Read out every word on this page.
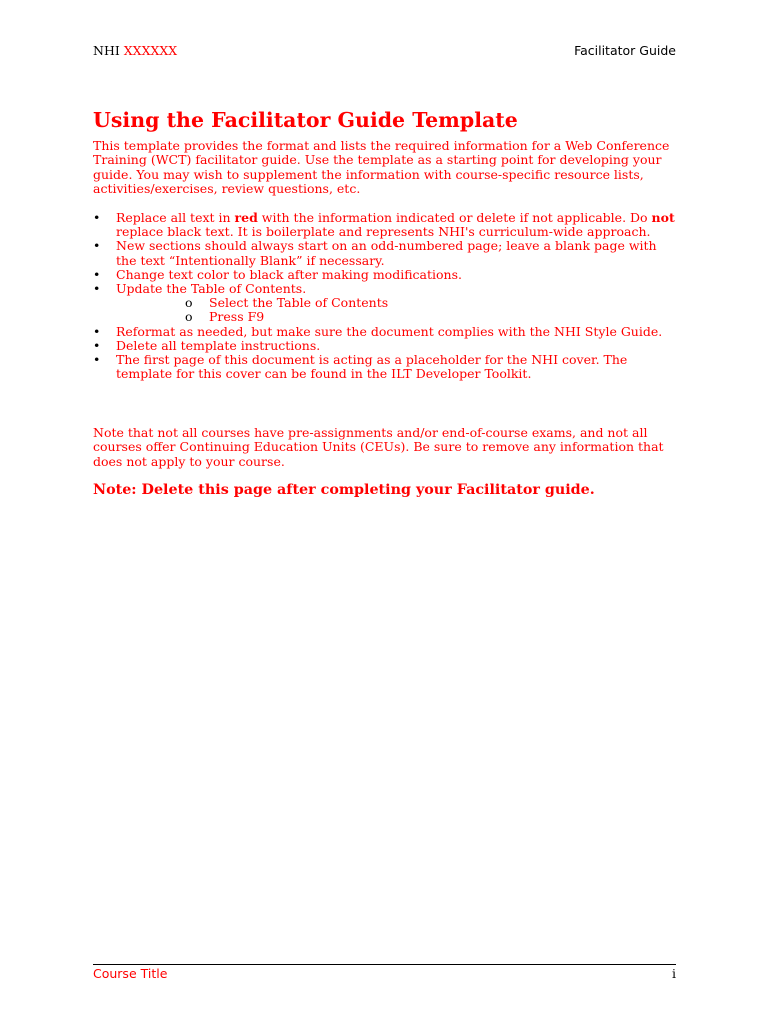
NHI XXXXXX	Facilitator Guide
Using the Facilitator Guide Template

This template provides the format and lists the required information for a Web Conference Training (WCT) facilitator guide. Use the template as a starting point for developing your guide. You may wish to supplement the information with course-specific resource lists, activities/exercises, review questions, etc.

• Replace all text in red with the information indicated or delete if not applicable. Do not replace black text. It is boilerplate and represents NHI's curriculum-wide approach.
• New sections should always start on an odd-numbered page; leave a blank page with the text “Intentionally Blank” if necessary.
• Change text color to black after making modifications.
• Update the Table of Contents.
o Select the Table of Contents
o Press F9
• Reformat as needed, but make sure the document complies with the NHI Style Guide.
• Delete all template instructions.
• The first page of this document is acting as a placeholder for the NHI cover. The template for this cover can be found in the ILT Developer Toolkit.

Note that not all courses have pre-assignments and/or end-of-course exams, and not all courses offer Continuing Education Units (CEUs). Be sure to remove any information that does not apply to your course.

Note: Delete this page after completing your Facilitator guide.

Course Title	i
